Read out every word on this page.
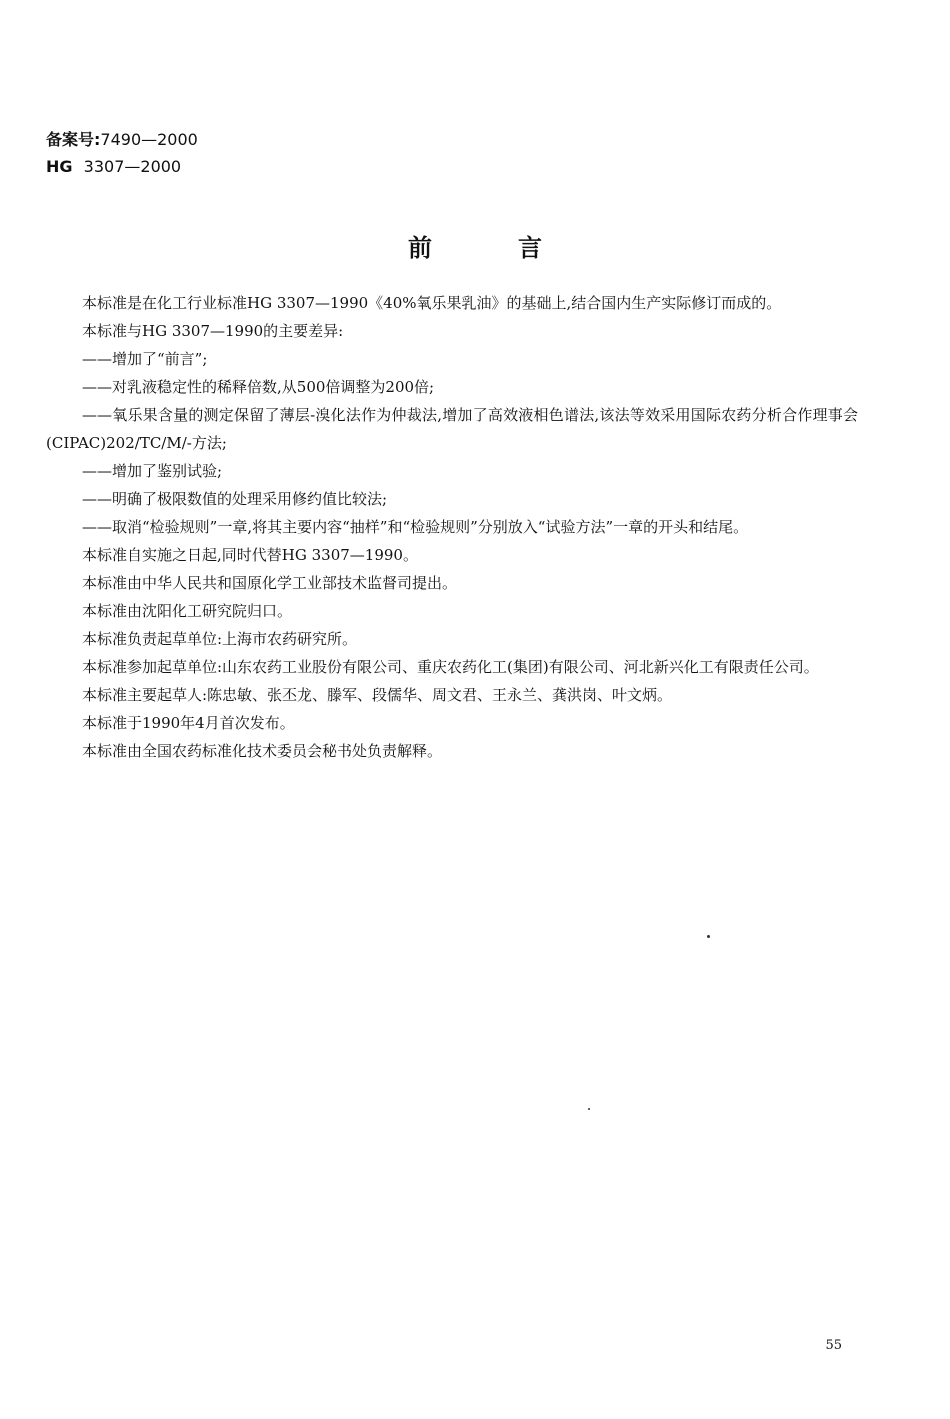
备案号:7490—2000
HG 3307—2000
前	言

本标准是在化工行业标准HG 3307—1990《40%氧乐果乳油》的基础上,结合国内生产实际修订而成的。

本标准与HG 3307—1990的主要差异:

——增加了“前言”;

——对乳液稳定性的稀释倍数,从500倍调整为200倍;

——氧乐果含量的测定保留了薄层-溴化法作为仲裁法,增加了高效液相色谱法,该法等效采用国际农药分析合作理事会(CIPAC)202/TC/M/-方法;

——增加了鉴别试验;

——明确了极限数值的处理采用修约值比较法;

——取消“检验规则”一章,将其主要内容“抽样”和“检验规则”分别放入“试验方法”一章的开头和结尾。

本标准自实施之日起,同时代替HG 3307—1990。

本标准由中华人民共和国原化学工业部技术监督司提出。

本标准由沈阳化工研究院归口。

本标准负责起草单位:上海市农药研究所。

本标准参加起草单位:山东农药工业股份有限公司、重庆农药化工(集团)有限公司、河北新兴化工有限责任公司。

本标准主要起草人:陈忠敏、张丕龙、滕军、段儒华、周文君、王永兰、龚洪岗、叶文炳。

本标准于1990年4月首次发布。

本标准由全国农药标准化技术委员会秘书处负责解释。

55
